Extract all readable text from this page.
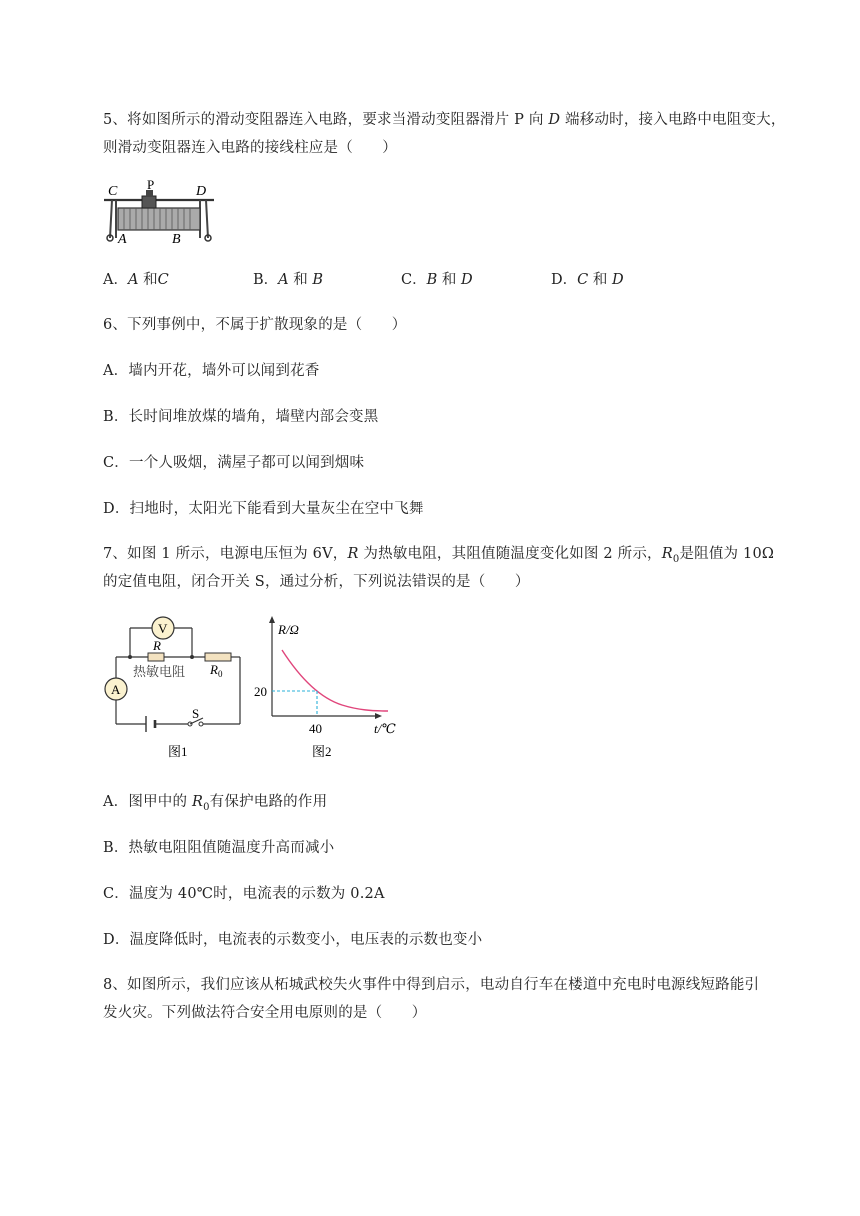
5、将如图所示的滑动变阻器连入电路，要求当滑动变阻器滑片 P 向 D 端移动时，接入电路中电阻变大，
则滑动变阻器连入电路的接线柱应是（　　）
C P	D
A	B
A．A 和C	B．A 和 B	C．B 和 D	D．C 和 D
6、下列事例中，不属于扩散现象的是（　　）
A．墙内开花，墙外可以闻到花香
B．长时间堆放煤的墙角，墙壁内部会变黑
C．一个人吸烟，满屋子都可以闻到烟味
D．扫地时，太阳光下能看到大量灰尘在空中飞舞
7、如图 1 所示，电源电压恒为 6V，R 为热敏电阻，其阻值随温度变化如图 2 所示，$R_0$是阻值为 10Ω
的定值电阻，闭合开关 S，通过分析，下列说法错误的是（　　）
V
A
R
热敏电阻 $R_0$
S
图1
R/Ω
t/℃
20
40
图2
A．图甲中的 $R_0$有保护电路的作用
B．热敏电阻阻值随温度升高而减小
C．温度为 40℃时，电流表的示数为 0.2A
D．温度降低时，电流表的示数变小，电压表的示数也变小
8、如图所示，我们应该从柘城武校失火事件中得到启示，电动自行车在楼道中充电时电源线短路能引
发火灾。下列做法符合安全用电原则的是（　　）
